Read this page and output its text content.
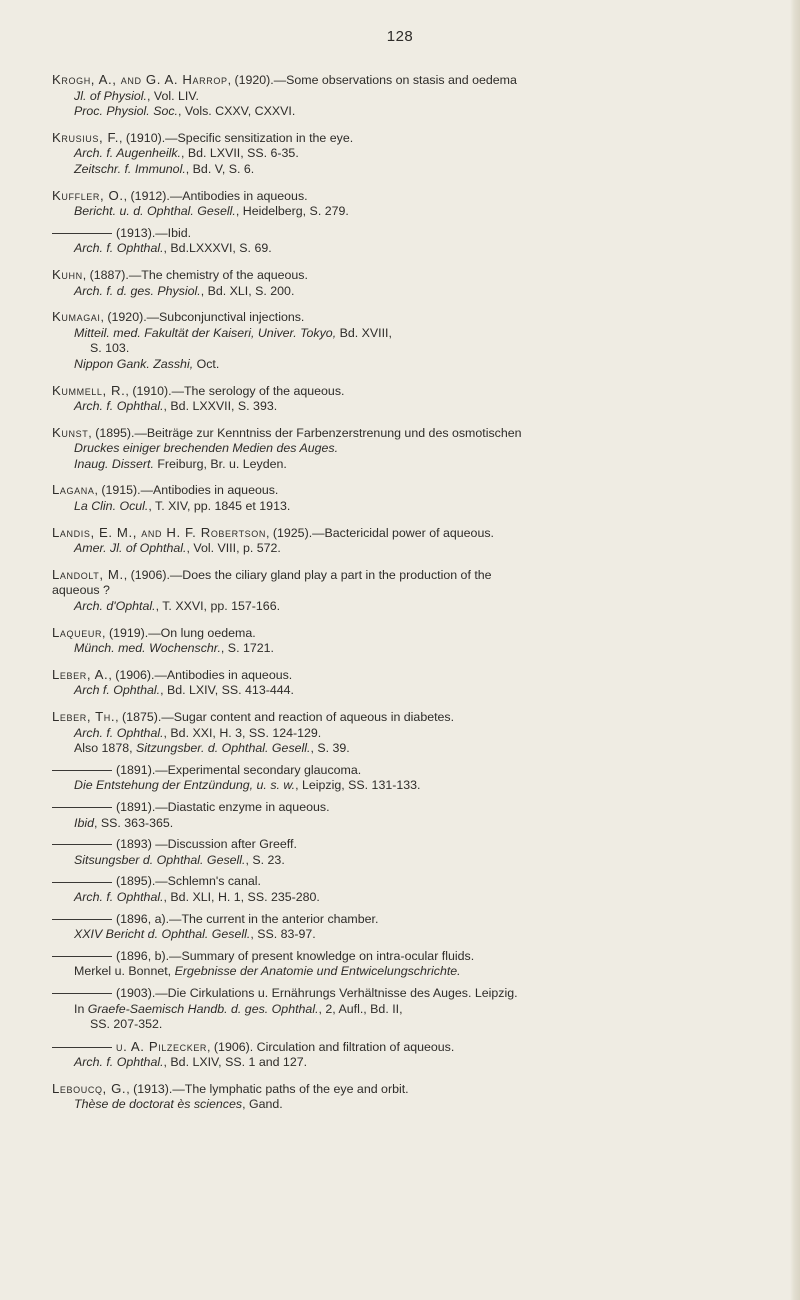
128
Krogh, A., and G. A. Harrop, (1920).—Some observations on stasis and oedema
Jl. of Physiol., Vol. LIV.
Proc. Physiol. Soc., Vols. CXXV, CXXVI.
Krusius, F., (1910).—Specific sensitization in the eye.
Arch. f. Augenheilk., Bd. LXVII, SS. 6-35.
Zeitschr. f. Immunol., Bd. V, S. 6.
Kuffler, O., (1912).—Antibodies in aqueous.
Bericht. u. d. Ophthal. Gesell., Heidelberg, S. 279.
(1913).—Ibid.
Arch. f. Ophthal., Bd.LXXXVI, S. 69.
Kuhn, (1887).—The chemistry of the aqueous.
Arch. f. d. ges. Physiol., Bd. XLI, S. 200.
Kumagai, (1920).—Subconjunctival injections.
Mitteil. med. Fakultät der Kaiseri, Univer. Tokyo, Bd. XVIII,
S. 103.
Nippon Gank. Zasshi, Oct.
Kummell, R., (1910).—The serology of the aqueous.
Arch. f. Ophthal., Bd. LXXVII, S. 393.
Kunst, (1895).—Beiträge zur Kenntniss der Farbenzerstrenung und des osmotischen
Druckes einiger brechenden Medien des Auges.
Inaug. Dissert. Freiburg, Br. u. Leyden.
Lagana, (1915).—Antibodies in aqueous.
La Clin. Ocul., T. XIV, pp. 1845 et 1913.
Landis, E. M., and H. F. Robertson, (1925).—Bactericidal power of aqueous.
Amer. Jl. of Ophthal., Vol. VIII, p. 572.
Landolt, M., (1906).—Does the ciliary gland play a part in the production of the
aqueous ?
Arch. d'Ophtal., T. XXVI, pp. 157-166.
Laqueur, (1919).—On lung oedema.
Münch. med. Wochenschr., S. 1721.
Leber, A., (1906).—Antibodies in aqueous.
Arch f. Ophthal., Bd. LXIV, SS. 413-444.
Leber, Th., (1875).—Sugar content and reaction of aqueous in diabetes.
Arch. f. Ophthal., Bd. XXI, H. 3, SS. 124-129.
Also 1878, Sitzungsber. d. Ophthal. Gesell., S. 39.
(1891).—Experimental secondary glaucoma.
Die Entstehung der Entzündung, u. s. w., Leipzig, SS. 131-133.
(1891).—Diastatic enzyme in aqueous.
Ibid, SS. 363-365.
(1893) —Discussion after Greeff.
Sitsungsber d. Ophthal. Gesell., S. 23.
(1895).—Schlemn's canal.
Arch. f. Ophthal., Bd. XLI, H. 1, SS. 235-280.
(1896, a).—The current in the anterior chamber.
XXIV Bericht d. Ophthal. Gesell., SS. 83-97.
(1896, b).—Summary of present knowledge on intra-ocular fluids.
Merkel u. Bonnet, Ergebnisse der Anatomie und Entwicelungschrichte.
(1903).—Die Cirkulations u. Ernährungs Verhältnisse des Auges. Leipzig.
In Graefe-Saemisch Handb. d. ges. Ophthal., 2, Aufl., Bd. II,
SS. 207-352.
u. A. Pilzecker, (1906). Circulation and filtration of aqueous.
Arch. f. Ophthal., Bd. LXIV, SS. 1 and 127.
Leboucq, G., (1913).—The lymphatic paths of the eye and orbit.
Thèse de doctorat ès sciences, Gand.
